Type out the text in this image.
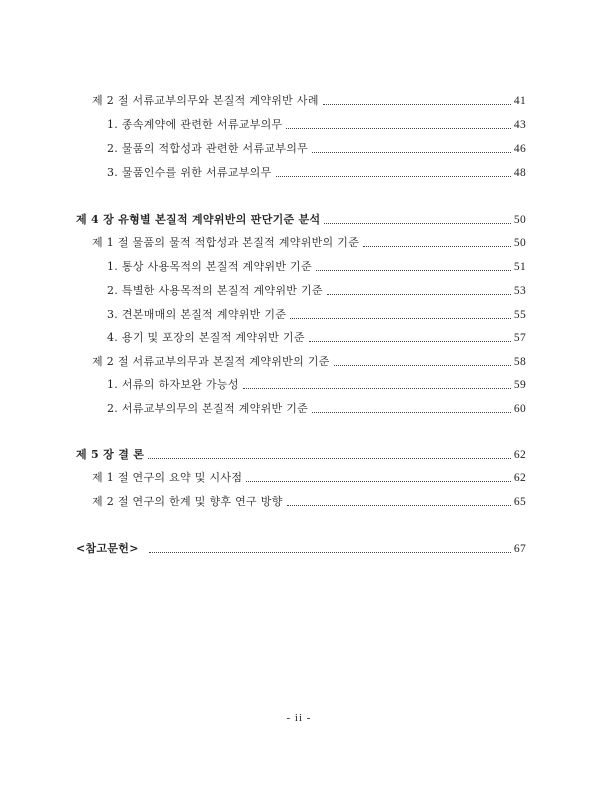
제 2 절 서류교부의무와 본질적 계약위반 사례	41
1. 종속계약에 관련한 서류교부의무	43
2. 물품의 적합성과 관련한 서류교부의무	46
3. 물품인수를 위한 서류교부의무	48
제 4 장 유형별 본질적 계약위반의 판단기준 분석	50
제 1 절 물품의 물적 적합성과 본질적 계약위반의 기준	50
1. 통상 사용목적의 본질적 계약위반 기준	51
2. 특별한 사용목적의 본질적 계약위반 기준	53
3. 견본매매의 본질적 계약위반 기준	55
4. 용기 및 포장의 본질적 계약위반 기준	57
제 2 절 서류교부의무과 본질적 계약위반의 기준	58
1. 서류의 하자보완 가능성	59
2. 서류교부의무의 본질적 계약위반 기준	60
제 5 장 결 론	62
제 1 절 연구의 요약 및 시사점	62
제 2 절 연구의 한계 및 향후 연구 방향	65
<참고문헌>	67
- ii -
